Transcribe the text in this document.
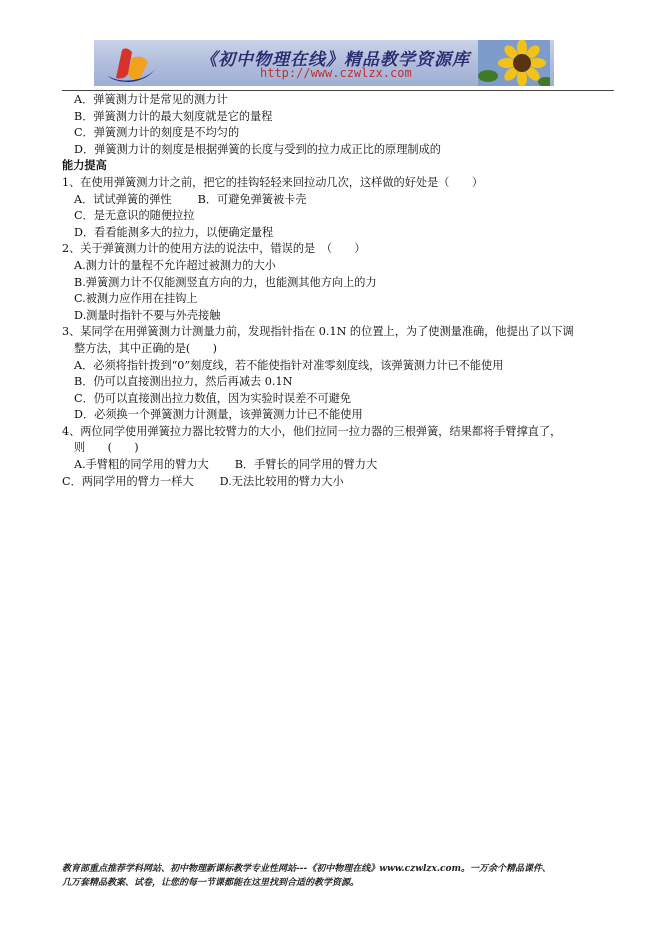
《初中物理在线》精品教学资源库
http://www.czwlzx.com
A．弹簧测力计是常见的测力计
B．弹簧测力计的最大刻度就是它的量程
C．弹簧测力计的刻度是不均匀的
D．弹簧测力计的刻度是根据弹簧的长度与受到的拉力成正比的原理制成的
能力提高
1、在使用弹簧测力计之前，把它的挂钩轻轻来回拉动几次，这样做的好处是（　　）
A．试试弹簧的弹性 B．可避免弹簧被卡壳
C．是无意识的随便拉拉
D．看看能测多大的拉力，以便确定量程
2、关于弹簧测力计的使用方法的说法中，错误的是　（　　）
A.测力计的量程不允许超过被测力的大小
B.弹簧测力计不仅能测竖直方向的力，也能测其他方向上的力
C.被测力应作用在挂钩上
D.测量时指针不要与外壳接触
3、某同学在用弹簧测力计测量力前，发现指针指在 0.1N 的位置上，为了使测量准确，他提出了以下调
整方法，其中正确的是(　　)
A．必须将指针拨到“0”刻度线，若不能使指针对准零刻度线，该弹簧测力计已不能使用
B．仍可以直接测出拉力，然后再减去 0.1N
C．仍可以直接测出拉力数值，因为实验时误差不可避免
D．必须换一个弹簧测力计测量，该弹簧测力计已不能使用
4、两位同学使用弹簧拉力器比较臂力的大小，他们拉同一拉力器的三根弹簧，结果都将手臂撑直了，
则　　(　　)
A.手臂粗的同学用的臂力大 B．手臂长的同学用的臂力大
C．两同学用的臂力一样大 D.无法比较用的臂力大小
教育部重点推荐学科网站、初中物理新课标教学专业性网站---《初中物理在线》www.czwlzx.com。一万余个精品课件、
几万套精品教案、试卷，让您的每一节课都能在这里找到合适的教学资源。
